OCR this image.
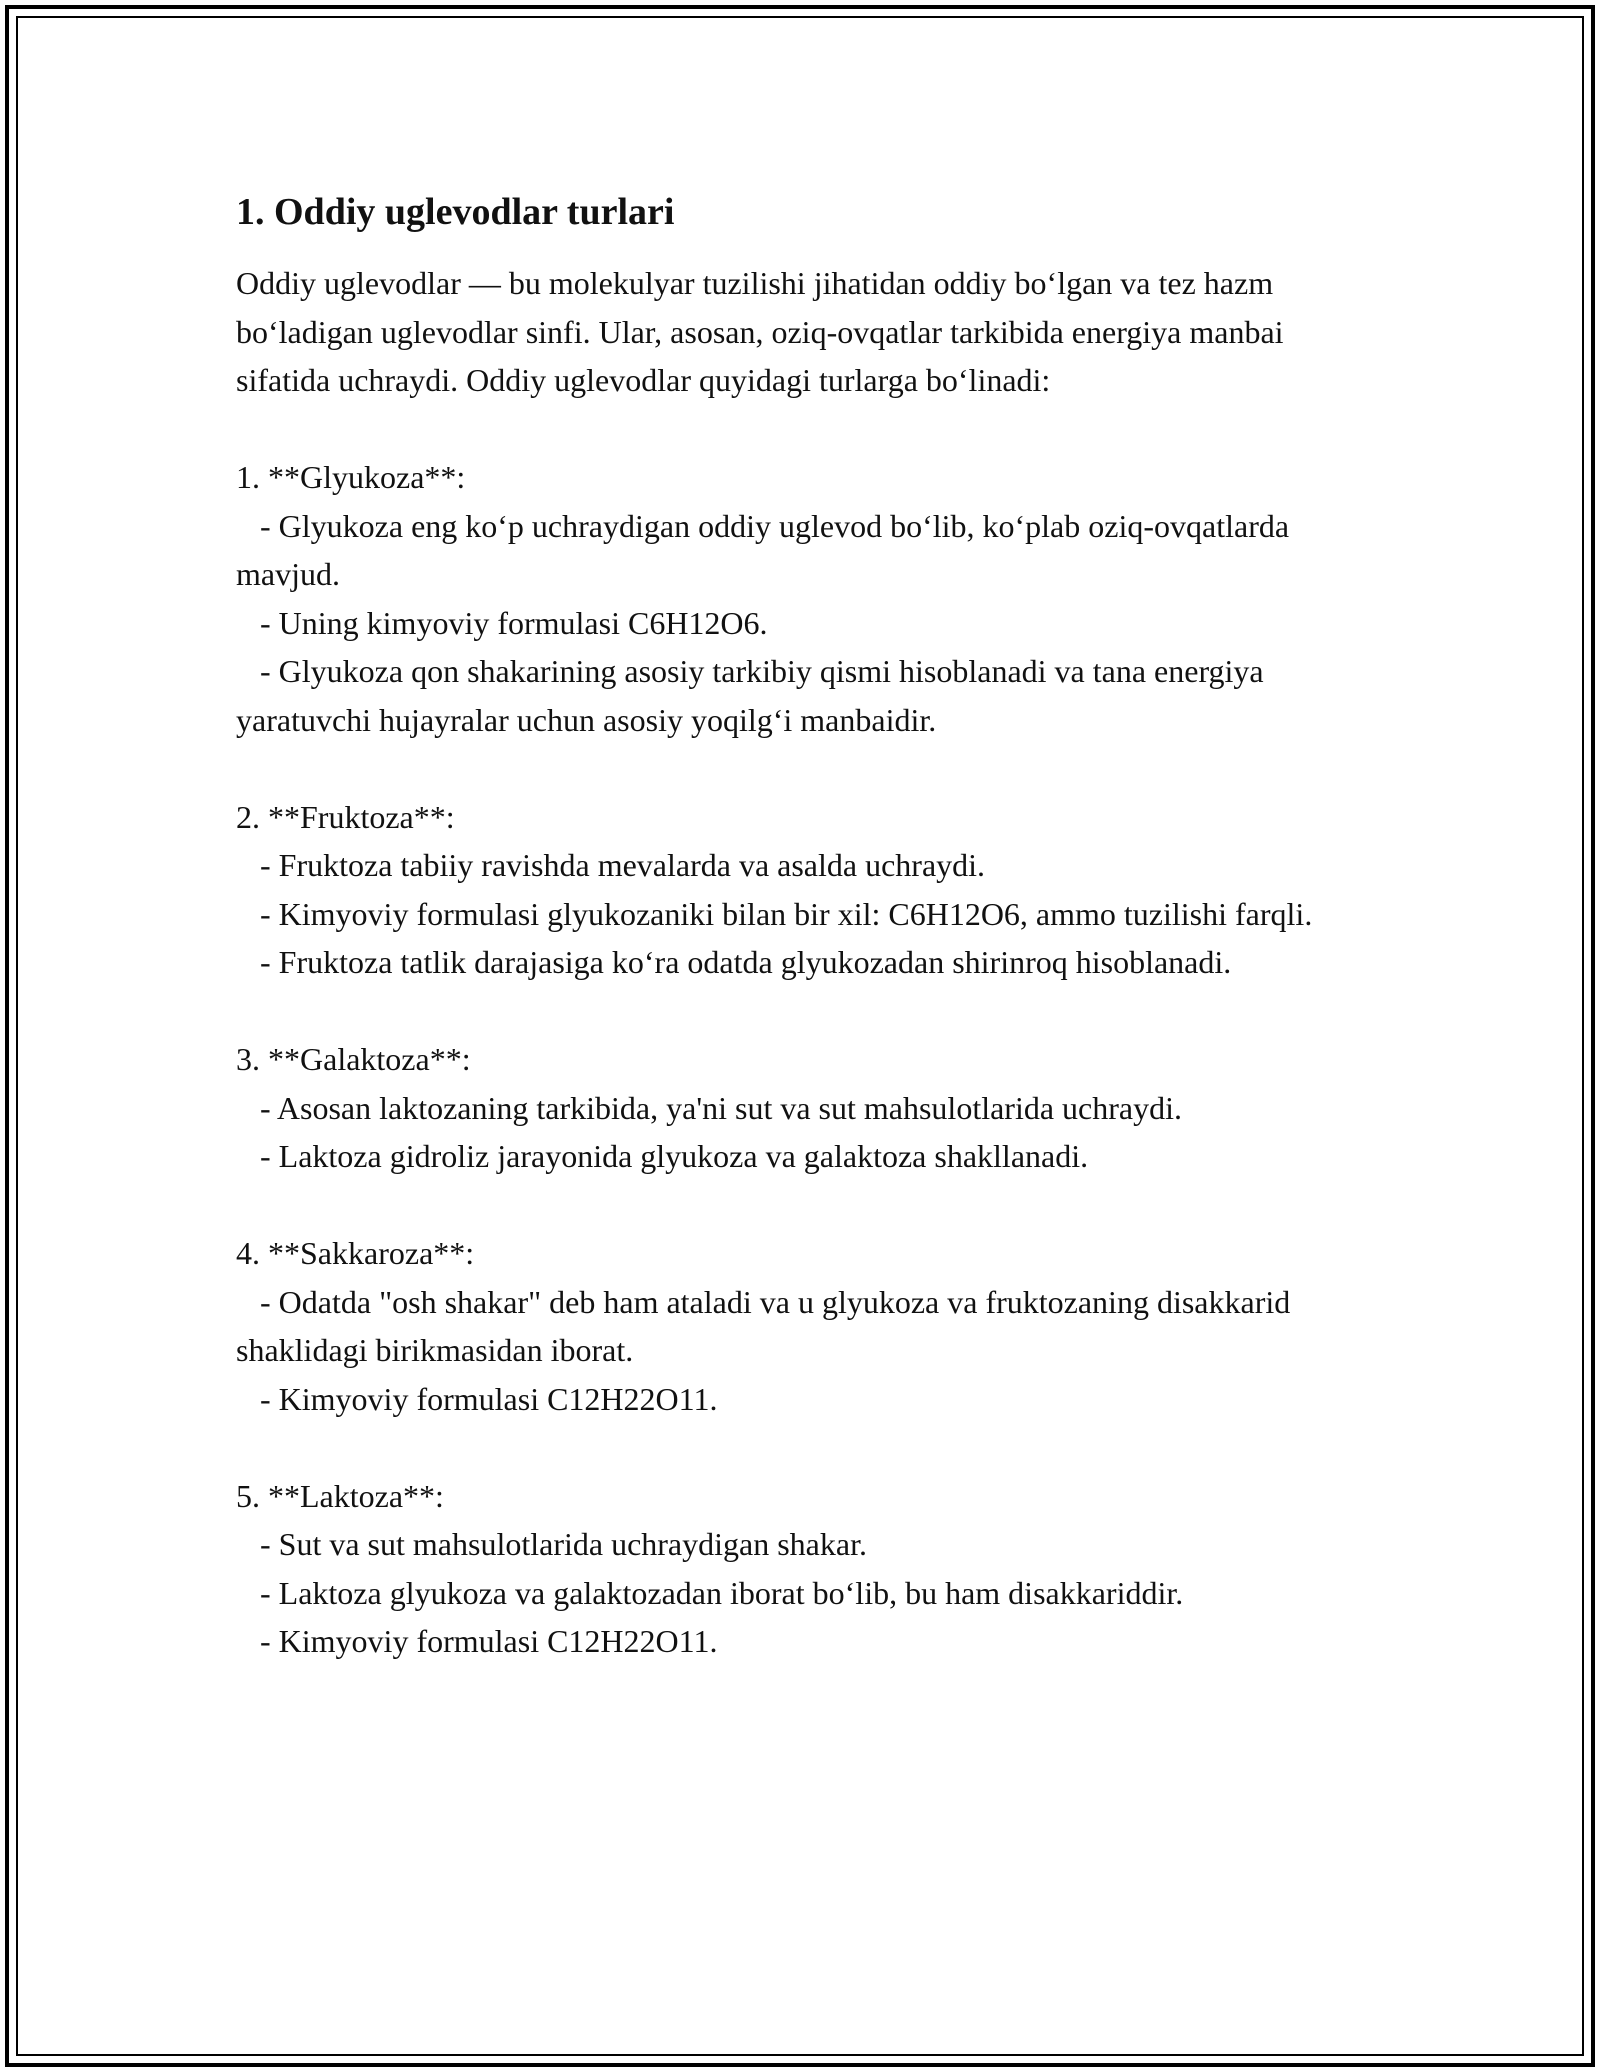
1. Oddiy uglevodlar turlari
Oddiy uglevodlar — bu molekulyar tuzilishi jihatidan oddiy bo‘lgan va tez hazm bo‘ladigan uglevodlar sinfi. Ular, asosan, oziq-ovqatlar tarkibida energiya manbai sifatida uchraydi. Oddiy uglevodlar quyidagi turlarga bo‘linadi:

1. **Glyukoza**:
- Glyukoza eng ko‘p uchraydigan oddiy uglevod bo‘lib, ko‘plab oziq-ovqatlarda mavjud.
- Uning kimyoviy formulasi C6H12O6.
- Glyukoza qon shakarining asosiy tarkibiy qismi hisoblanadi va tana energiya yaratuvchi hujayralar uchun asosiy yoqilg‘i manbaidir.

2. **Fruktoza**:
- Fruktoza tabiiy ravishda mevalarda va asalda uchraydi.
- Kimyoviy formulasi glyukozaniki bilan bir xil: C6H12O6, ammo tuzilishi farqli.
- Fruktoza tatlik darajasiga ko‘ra odatda glyukozadan shirinroq hisoblanadi.

3. **Galaktoza**:
- Asosan laktozaning tarkibida, ya'ni sut va sut mahsulotlarida uchraydi.
- Laktoza gidroliz jarayonida glyukoza va galaktoza shakllanadi.

4. **Sakkaroza**:
- Odatda "osh shakar" deb ham ataladi va u glyukoza va fruktozaning disakkarid shaklidagi birikmasidan iborat.
- Kimyoviy formulasi C12H22O11.

5. **Laktoza**:
- Sut va sut mahsulotlarida uchraydigan shakar.
- Laktoza glyukoza va galaktozadan iborat bo‘lib, bu ham disakkariddir.
- Kimyoviy formulasi C12H22O11.
